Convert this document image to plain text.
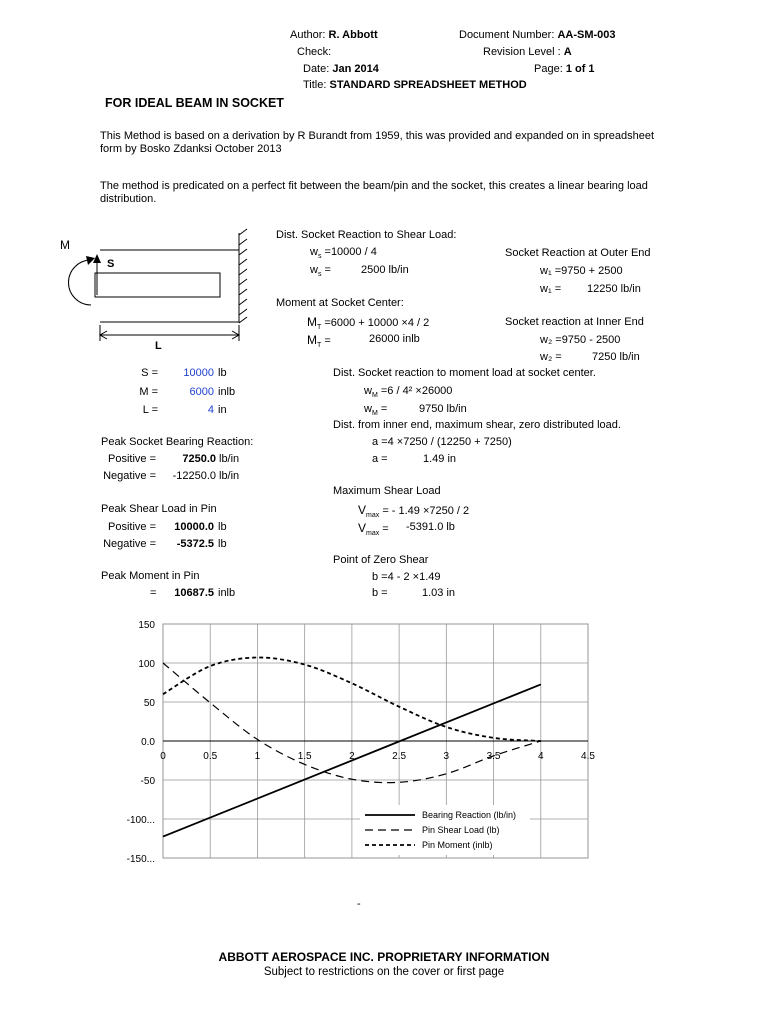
Author: R. Abbott
Check:
Date: Jan 2014
Title: STANDARD SPREADSHEET METHOD
Document Number: AA-SM-003
Revision Level : A
Page: 1 of 1
FOR IDEAL BEAM IN SOCKET
This Method is based on a derivation by R Burandt from 1959, this was provided and expanded on in spreadsheet form by Bosko Zdanksi October 2013
The method is predicated on a perfect fit between the beam/pin and the socket, this creates a linear bearing load distribution.
M
S
L
Dist. Socket Reaction to Shear Load:
$w_s =10000 / 4$
$w_s$ =	2500 lb/in
Socket Reaction at Outer End
w₁ =9750 + 2500
w₁ = 12250 lb/in
Moment at Socket Center:
$M_T =6000 + 10000 \times 4 / 2$
$M_T$ =	26000 inlb
Socket reaction at Inner End
w₂ =9750 - 2500
w₂ =	7250 lb/in
Dist. Socket reaction to moment load at socket center.
$w_M =6 / 4^2 \times 26000$
$w_M$ =	9750 lb/in
Dist. from inner end, maximum shear, zero distributed load.
a =4 ×7250 / (12250 + 7250)
a =	1.49 in
Maximum Shear Load
$V_{max}$ = - 1.49 ×7250 / 2
$V_{max} = -5391.0$ lb
Point of Zero Shear
b =4 - 2 ×1.49
b =	1.03 in
S =	10000 lb
M =	6000 inlb
L =	4 in
Peak Socket Bearing Reaction:
Positive =	7250.0 lb/in
Negative =	-12250.0 lb/in
Peak Shear Load in Pin
Positive =	10000.0 lb
Negative =	-5372.5 lb
Peak Moment in Pin
=	10687.5 inlb
0	0.5	1	1.5	2	2.5	3	3.5	4	4.5
150
100
50
0.0
-50
-100...
-150...
Bearing Reaction (lb/in)
Pin Shear Load (lb)
Pin Moment (inlb)
-
ABBOTT AEROSPACE INC. PROPRIETARY INFORMATION
Subject to restrictions on the cover or first page
